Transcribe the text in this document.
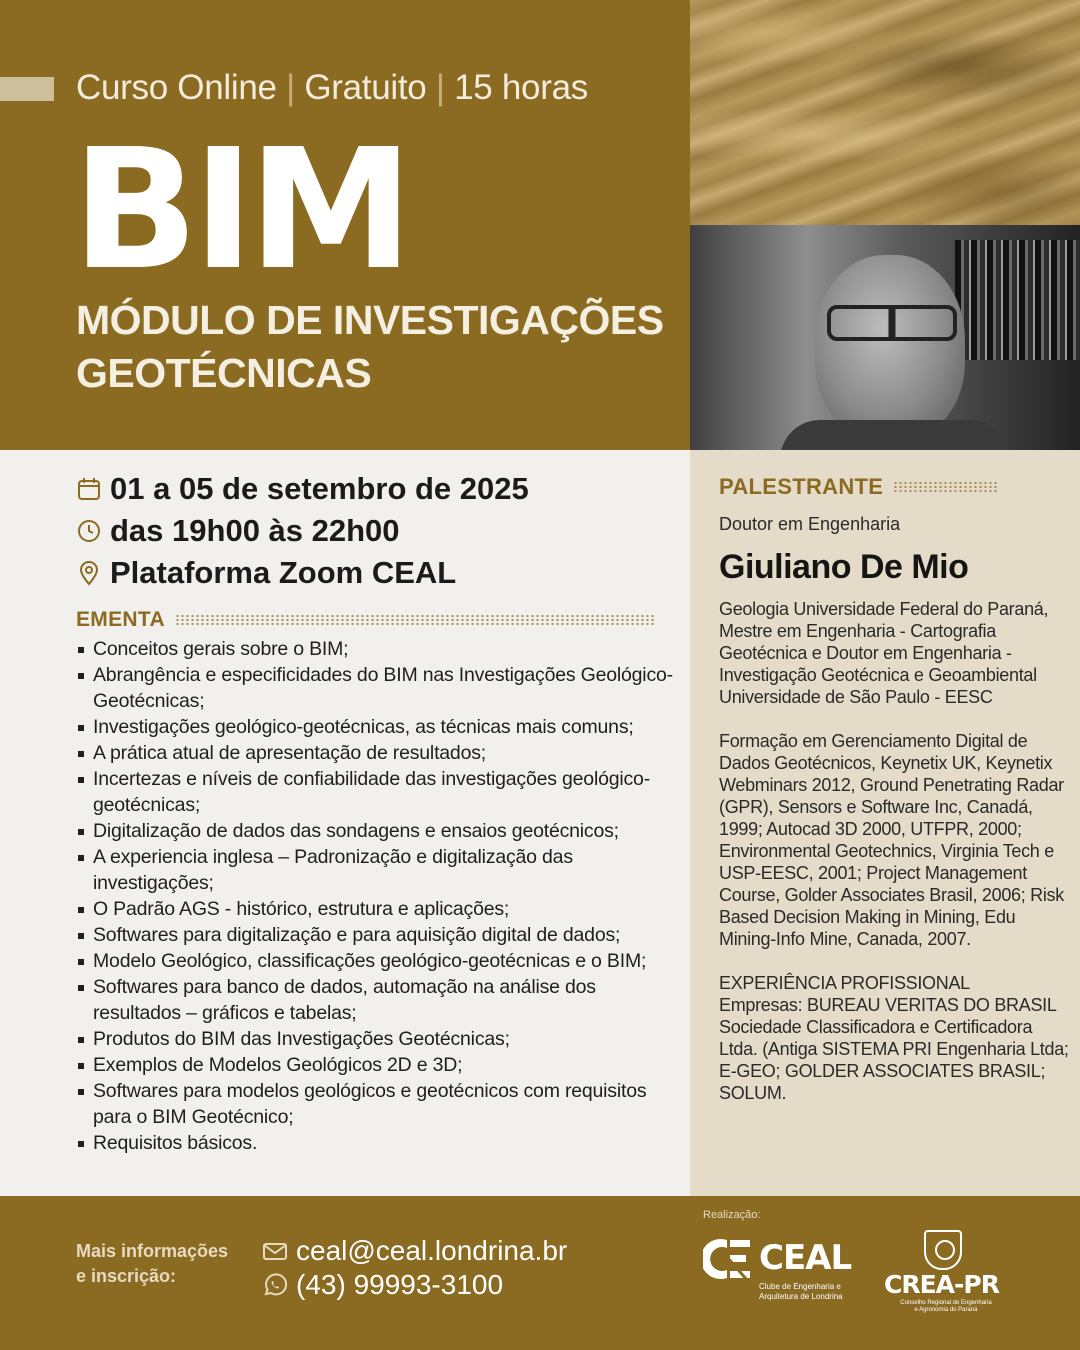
Curso Online | Gratuito | 15 horas
BIM
MÓDULO DE INVESTIGAÇÕES
GEOTÉCNICAS
01 a 05 de setembro de 2025
das 19h00 às 22h00
Plataforma Zoom CEAL
EMENTA
Conceitos gerais sobre o BIM;
Abrangência e especificidades do BIM nas Investigações Geológico-Geotécnicas;
Investigações geológico-geotécnicas, as técnicas mais comuns;
A prática atual de apresentação de resultados;
Incertezas e níveis de confiabilidade das investigações geológico-geotécnicas;
Digitalização de dados das sondagens e ensaios geotécnicos;
A experiencia inglesa – Padronização e digitalização das investigações;
O Padrão AGS - histórico, estrutura e aplicações;
Softwares para digitalização e para aquisição digital de dados;
Modelo Geológico, classificações geológico-geotécnicas e o BIM;
Softwares para banco de dados, automação na análise dos resultados – gráficos e tabelas;
Produtos do BIM das Investigações Geotécnicas;
Exemplos de Modelos Geológicos 2D e 3D;
Softwares para modelos geológicos e geotécnicos com requisitos para o BIM Geotécnico;
Requisitos básicos.
PALESTRANTE
Doutor em Engenharia
Giuliano De Mio

Geologia Universidade Federal do Paraná, Mestre em Engenharia - Cartografia Geotécnica e Doutor em Engenharia - Investigação Geotécnica e Geoambiental Universidade de São Paulo - EESC

Formação em Gerenciamento Digital de Dados Geotécnicos, Keynetix UK, Keynetix Webminars 2012, Ground Penetrating Radar (GPR), Sensors e Software Inc, Canadá, 1999; Autocad 3D 2000, UTFPR, 2000; Environmental Geotechnics, Virginia Tech e USP-EESC, 2001; Project Management Course, Golder Associates Brasil, 2006; Risk Based Decision Making in Mining, Edu Mining-Info Mine, Canada, 2007.

EXPERIÊNCIA PROFISSIONAL
Empresas: BUREAU VERITAS DO BRASIL Sociedade Classificadora e Certificadora Ltda. (Antiga SISTEMA PRI Engenharia Ltda; E-GEO; GOLDER ASSOCIATES BRASIL; SOLUM.
Mais informações
e inscrição:
ceal@ceal.londrina.br
(43) 99993-3100
Realização:
CEAL
Clube de Engenharia e
Arquitetura de Londrina CREA-PR
Conselho Regional de Engenharia
e Agronomia do Paraná
